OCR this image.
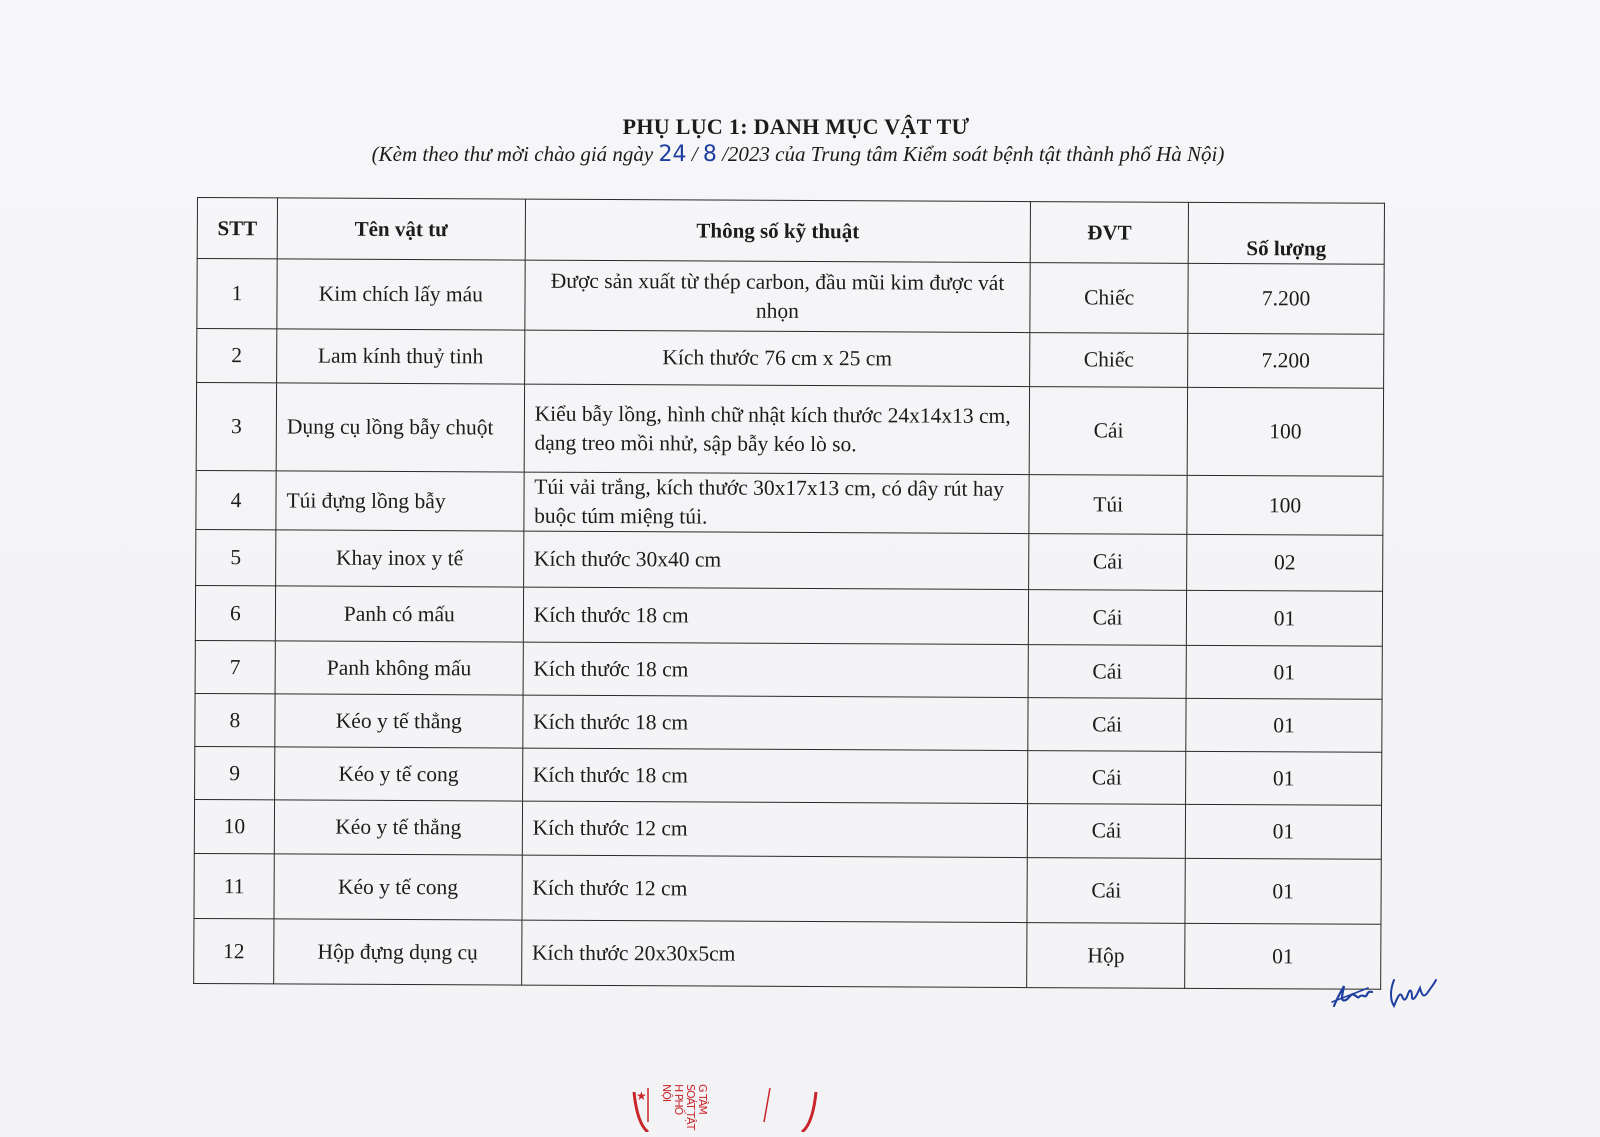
PHỤ LỤC 1: DANH MỤC VẬT TƯ
(Kèm theo thư mời chào giá ngày 24 / 8 /2023 của Trung tâm Kiểm soát bệnh tật thành phố Hà Nội)
STT	Tên vật tư	Thông số kỹ thuật	ĐVT	Số lượng
1	Kim chích lấy máu	Được sản xuất từ thép carbon, đầu mũi kim được vát nhọn	Chiếc	7.200
2	Lam kính thuỷ tinh	Kích thước 76 cm x 25 cm	Chiếc	7.200
3	Dụng cụ lồng bẫy chuột	Kiểu bẫy lồng, hình chữ nhật kích thước 24x14x13 cm, dạng treo mồi nhử, sập bẫy kéo lò so.	Cái	100
4	Túi đựng lồng bẫy	Túi vải trắng, kích thước 30x17x13 cm, có dây rút hay buộc túm miệng túi.	Túi	100
5	Khay inox y tế	Kích thước 30x40 cm	Cái	02
6	Panh có mấu	Kích thước 18 cm	Cái	01
7	Panh không mấu	Kích thước 18 cm	Cái	01
8	Kéo y tế thẳng	Kích thước 18 cm	Cái	01
9	Kéo y tế cong	Kích thước 18 cm	Cái	01
10	Kéo y tế thẳng	Kích thước 12 cm	Cái	01
11	Kéo y tế cong	Kích thước 12 cm	Cái	01
12	Hộp đựng dụng cụ	Kích thước 20x30x5cm	Hộp	01
★	G TÂM SOÁT TẬT H PHỐ NỘI
